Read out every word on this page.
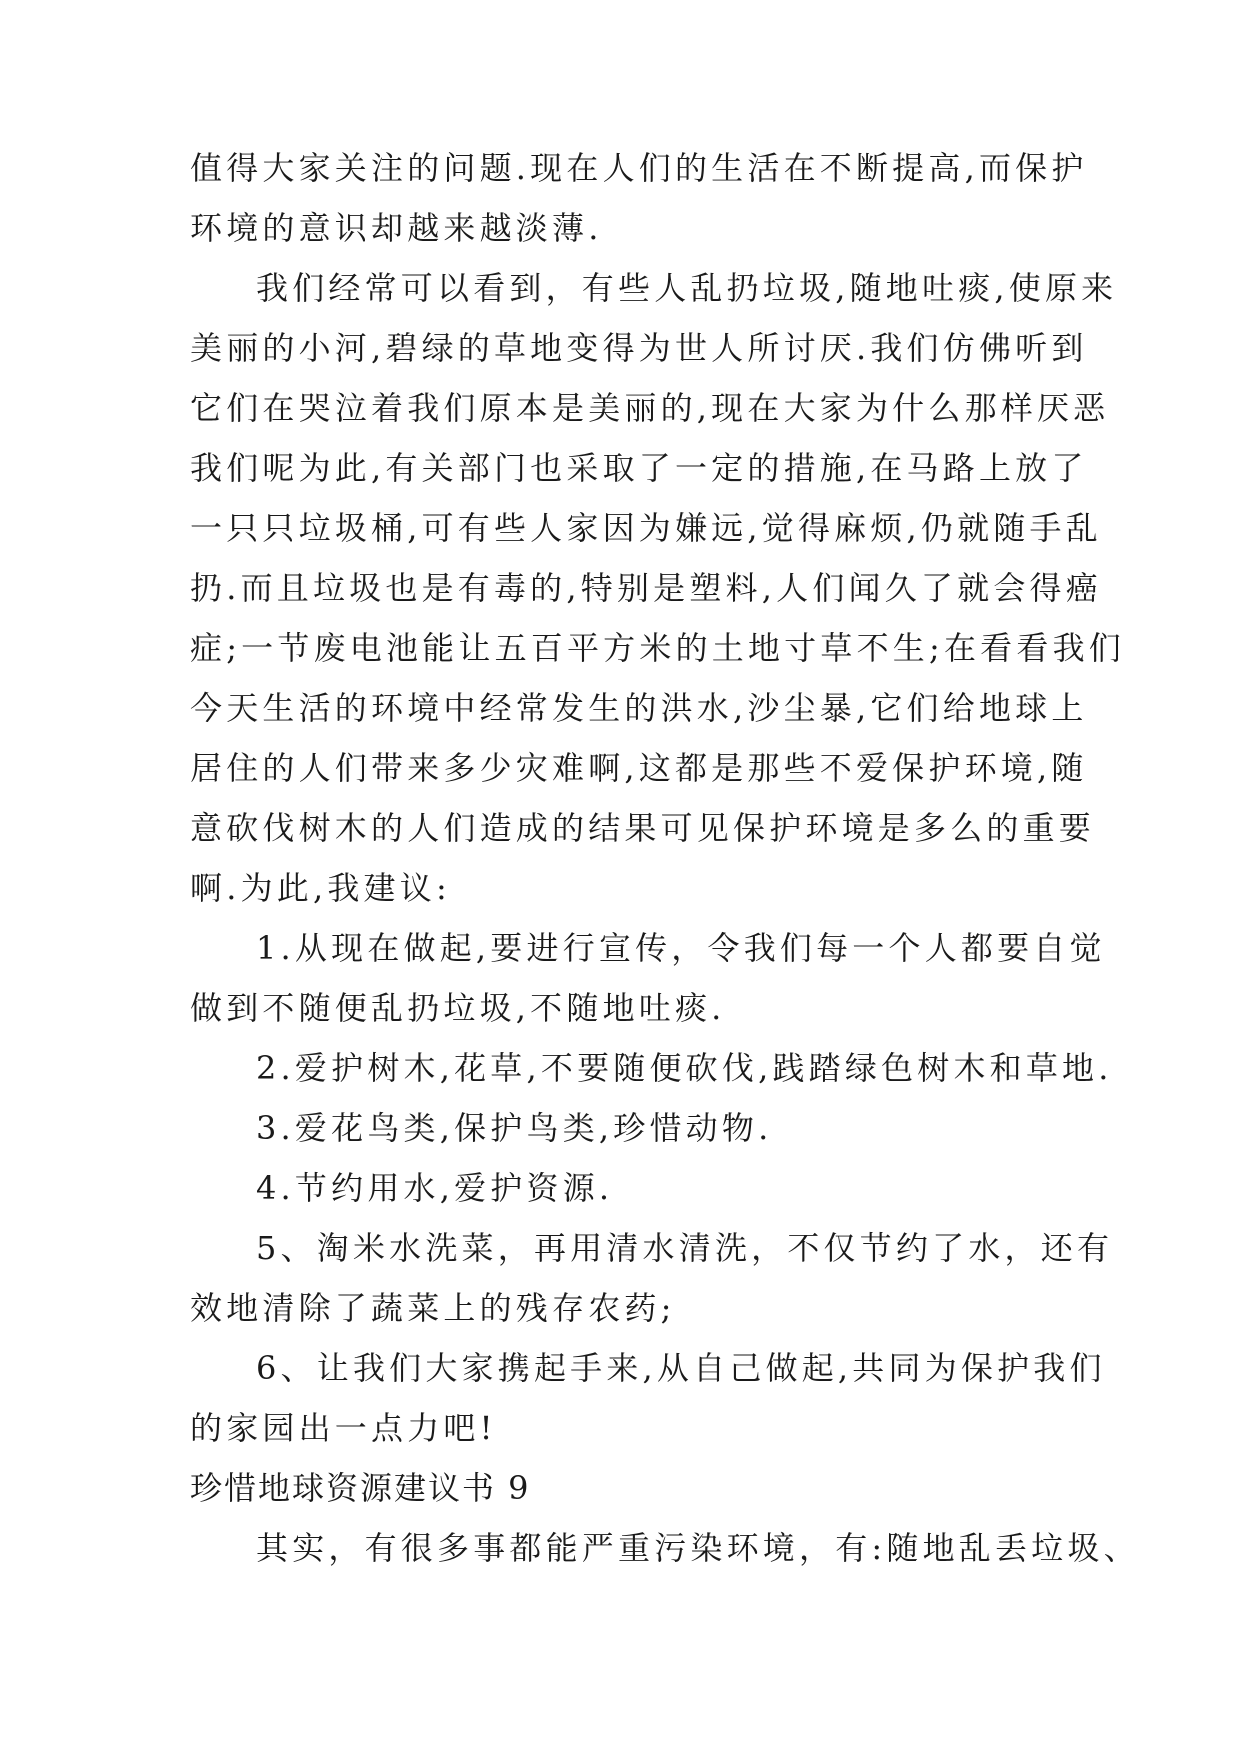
值得大家关注的问题.现在人们的生活在不断提高,而保护
环境的意识却越来越淡薄.
我们经常可以看到，有些人乱扔垃圾,随地吐痰,使原来
美丽的小河,碧绿的草地变得为世人所讨厌.我们仿佛听到
它们在哭泣着我们原本是美丽的,现在大家为什么那样厌恶
我们呢为此,有关部门也采取了一定的措施,在马路上放了
一只只垃圾桶,可有些人家因为嫌远,觉得麻烦,仍就随手乱
扔.而且垃圾也是有毒的,特别是塑料,人们闻久了就会得癌
症;一节废电池能让五百平方米的土地寸草不生;在看看我们
今天生活的环境中经常发生的洪水,沙尘暴,它们给地球上
居住的人们带来多少灾难啊,这都是那些不爱保护环境,随
意砍伐树木的人们造成的结果可见保护环境是多么的重要
啊.为此,我建议:
1.从现在做起,要进行宣传，令我们每一个人都要自觉
做到不随便乱扔垃圾,不随地吐痰.
2.爱护树木,花草,不要随便砍伐,践踏绿色树木和草地.
3.爱花鸟类,保护鸟类,珍惜动物.
4.节约用水,爱护资源.
5、淘米水洗菜，再用清水清洗，不仅节约了水，还有
效地清除了蔬菜上的残存农药;
6、让我们大家携起手来,从自己做起,共同为保护我们
的家园出一点力吧!
珍惜地球资源建议书 9
其实，有很多事都能严重污染环境，有:随地乱丢垃圾、
